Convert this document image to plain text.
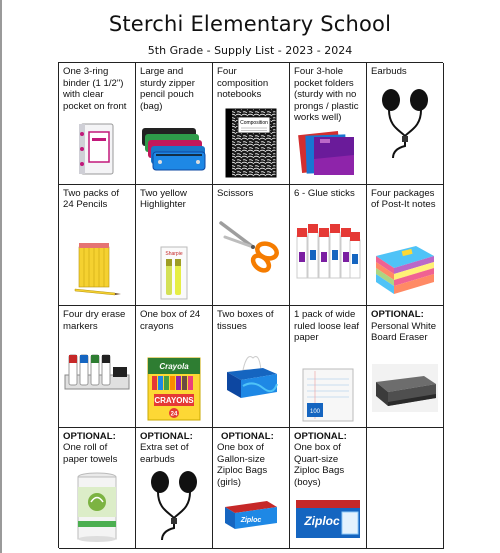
Sterchi Elementary School
5th Grade - Supply List - 2023 - 2024
One 3-ring binder (1 1/2") with clear pocket on front
Large and sturdy zipper pencil pouch (bag)
Four composition notebooks
Composition
Four 3-hole pocket folders (sturdy with no prongs / plastic works well)
Earbuds
Two packs of 24 Pencils
Two yellow Highlighter
Sharpie
Scissors	6 - Glue sticks	Four packages of Post-It notes
Four dry erase markers
One box of 24 crayons
Crayola
CRAYONS
24
Two boxes of tissues
1 pack of wide ruled loose leaf paper
100
OPTIONAL:
Personal White Board Eraser
OPTIONAL:
One roll of paper towels
OPTIONAL:
Extra set of earbuds
OPTIONAL:
One box of Gallon-size Ziploc Bags (girls)
Ziploc
OPTIONAL:
One box of Quart-size Ziploc Bags (boys)
Ziploc
